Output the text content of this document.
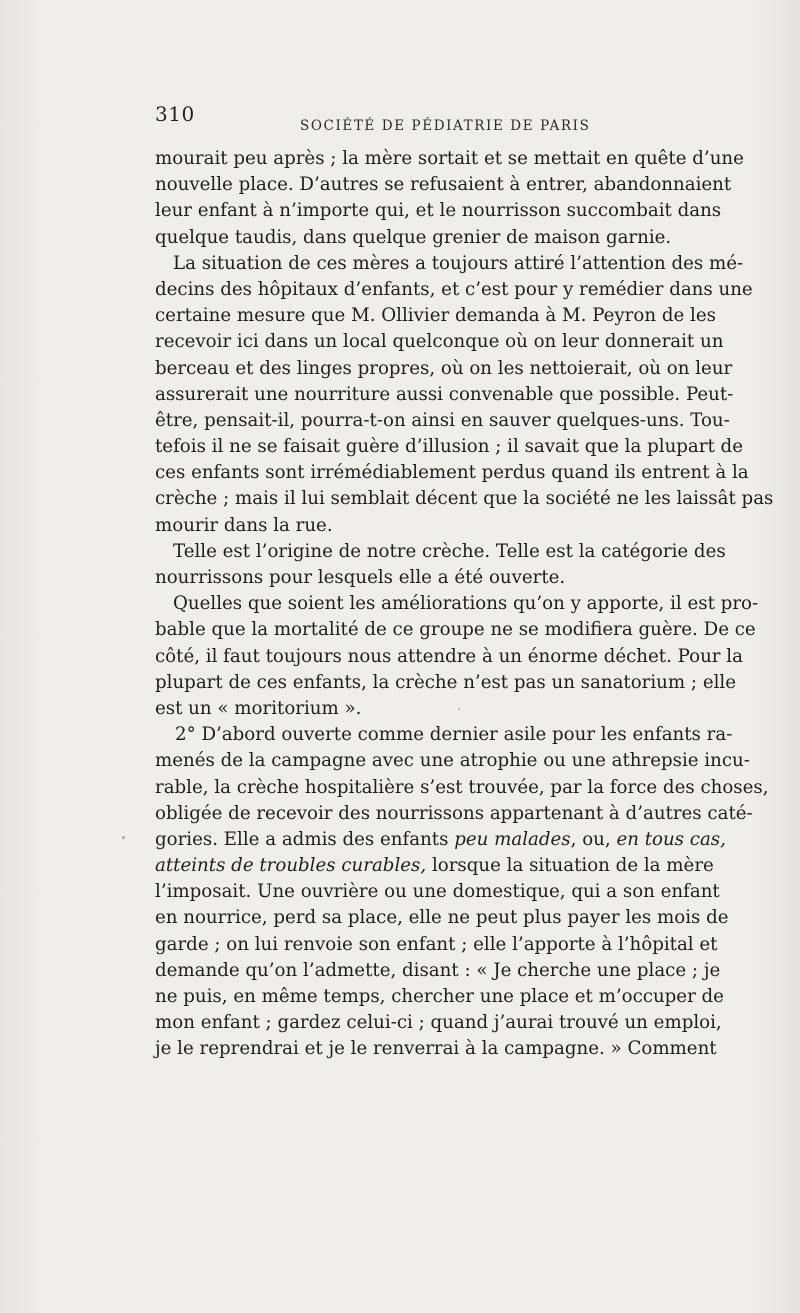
310	SOCIÉTÉ DE PÉDIATRIE DE PARIS
mourait peu après ; la mère sortait et se mettait en quête d’une
nouvelle place. D’autres se refusaient à entrer, abandonnaient
leur enfant à n’importe qui, et le nourrisson succombait dans
quelque taudis, dans quelque grenier de maison garnie.
La situation de ces mères a toujours attiré l’attention des mé-
decins des hôpitaux d’enfants, et c’est pour y remédier dans une
certaine mesure que M. Ollivier demanda à M. Peyron de les
recevoir ici dans un local quelconque où on leur donnerait un
berceau et des linges propres, où on les nettoierait, où on leur
assurerait une nourriture aussi convenable que possible. Peut-
être, pensait-il, pourra-t-on ainsi en sauver quelques-uns. Tou-
tefois il ne se faisait guère d’illusion ; il savait que la plupart de
ces enfants sont irrémédiablement perdus quand ils entrent à la
crèche ; mais il lui semblait décent que la société ne les laissât pas
mourir dans la rue.
Telle est l’origine de notre crèche. Telle est la catégorie des
nourrissons pour lesquels elle a été ouverte.
Quelles que soient les améliorations qu’on y apporte, il est pro-
bable que la mortalité de ce groupe ne se modifiera guère. De ce
côté, il faut toujours nous attendre à un énorme déchet. Pour la
plupart de ces enfants, la crèche n’est pas un sanatorium ; elle
est un « moritorium ».
2° D’abord ouverte comme dernier asile pour les enfants ra-
menés de la campagne avec une atrophie ou une athrepsie incu-
rable, la crèche hospitalière s’est trouvée, par la force des choses,
obligée de recevoir des nourrissons appartenant à d’autres caté-
gories. Elle a admis des enfants peu malades, ou, en tous cas,
atteints de troubles curables, lorsque la situation de la mère
l’imposait. Une ouvrière ou une domestique, qui a son enfant
en nourrice, perd sa place, elle ne peut plus payer les mois de
garde ; on lui renvoie son enfant ; elle l’apporte à l’hôpital et
demande qu’on l’admette, disant : « Je cherche une place ; je
ne puis, en même temps, chercher une place et m’occuper de
mon enfant ; gardez celui-ci ; quand j’aurai trouvé un emploi,
je le reprendrai et je le renverrai à la campagne. » Comment
